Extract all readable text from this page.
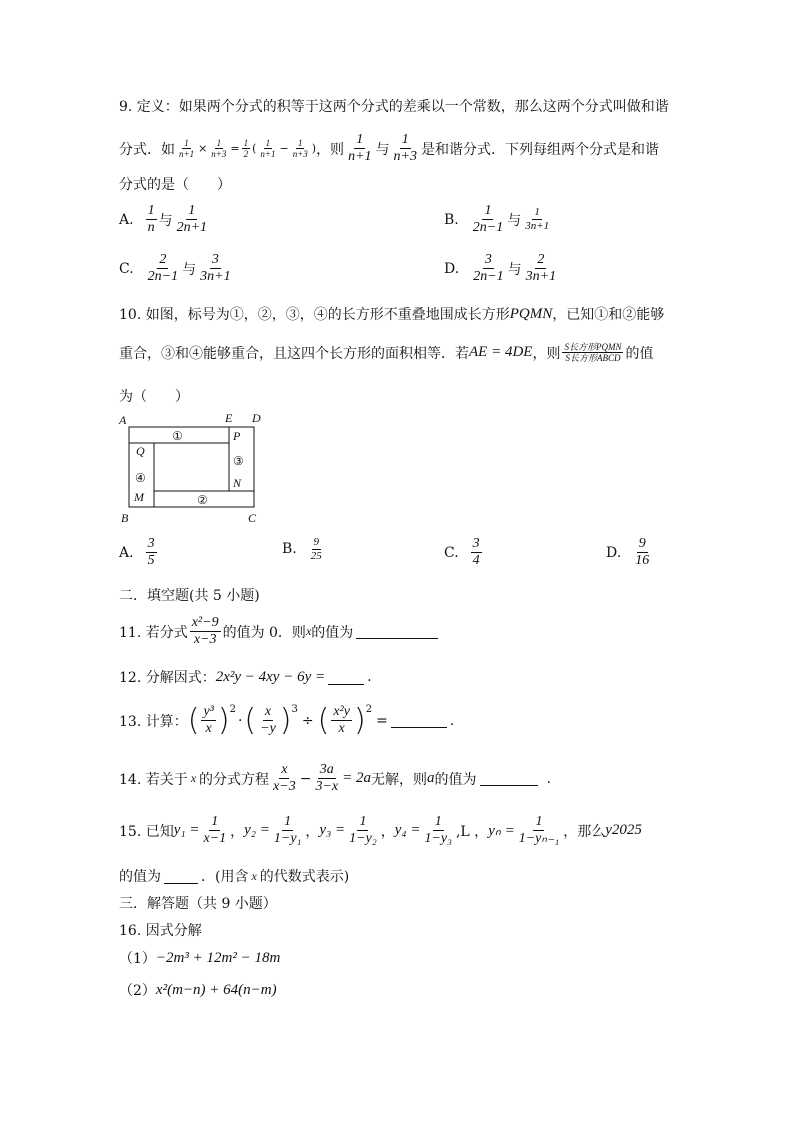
9. 定义：如果两个分式的积等于这两个分式的差乘以一个常数，那么这两个分式叫做和谐
分式．如 $\frac{1}{n+1} \times \frac{1}{n+3} = \frac{1}{2}$ ( $\frac{1}{n+1} - \frac{1}{n+3}$ ) ，则 $\frac{1}{n+1}$ 与 $\frac{1}{n+3}$ 是和谐分式．下列每组两个分式是和谐
分式的是（　　）
A. $\frac{1}{n}$ 与 $\frac{1}{2n+1}$	B. $\frac{1}{2n-1}$ 与 $\frac{1}{3n+1}$
C. $\frac{2}{2n-1}$ 与 $\frac{3}{3n+1}$	D. $\frac{3}{2n-1}$ 与 $\frac{2}{3n+1}$
10. 如图，标号为①，②，③，④的长方形不重叠地围成长方形 PQMN ，已知①和②能够
重合，③和④能够重合，且这四个长方形的面积相等．若 AE = 4DE ，则 $\frac{\text{S长方形PQMN}}{\text{S长方形ABCD}}$ 的值
为（　　）
A	E D
B	C
P
Q
N
M
①
②
③
④
A. $\frac{3}{5}$	B. $\frac{9}{25}$	C. $\frac{3}{4}$	D. $\frac{9}{16}$
二．填空题(共 5 小题)
11. 若分式 $\frac{\text{x²−9}}{x-3}$ 的值为 0．则 x 的值为
12. 分解因式： 2x²y − 4xy − 6y =	.
13. 计算： ( $\frac{\text{y³}}{x}$ ) 2
· ( $\frac{x}{-y}$ ) 3
÷ ( $\frac{\text{x²y}}{x}$ ) 2
=	.
14. 若关于 x 的分式方程 $\frac{x}{x-3} - \frac{3a}{3-x} = 2a$ 无解，则 a 的值为	.
15. 已知 $y_1 = \frac{1}{x-1}$ ， $y_2 = \frac{1}{\text{1−y₁}}$ ， $y_3 = \frac{1}{\text{1−y₂}}$ ， $y_4 = \frac{1}{\text{1−y₃}} ,L$ ， $y_n = \frac{1}{\text{1−yₙ₋₁}}$ ，那么 y2025
的值为	．(用含 x 的代数式表示)
三．解答题（共 9 小题）
16. 因式分解
（1） −2m³ + 12m² − 18m
（2） x²(m−n) + 64(n−m)
